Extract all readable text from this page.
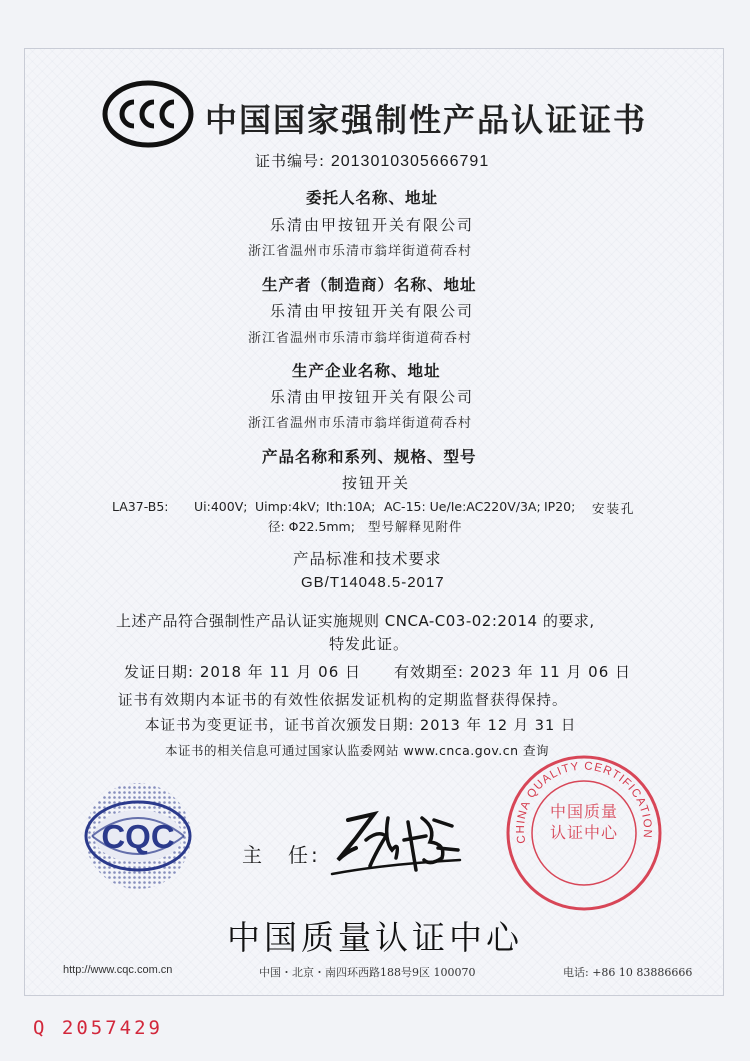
中国国家强制性产品认证证书
证书编号: 2013010305666791
委托人名称、地址
乐清由甲按钮开关有限公司
浙江省温州市乐清市翁垟街道荷呑村
生产者（制造商）名称、地址
乐清由甲按钮开关有限公司
浙江省温州市乐清市翁垟街道荷呑村
生产企业名称、地址
乐清由甲按钮开关有限公司
浙江省温州市乐清市翁垟街道荷呑村
产品名称和系列、规格、型号
按钮开关
LA37-B5: Ui:400V; Uimp:4kV; Ith:10A; AC-15: Ue/Ie:AC220V/3A; IP20; 安装孔
径: Φ22.5mm; 型号解释见附件
产品标准和技术要求
GB/T14048.5-2017
上述产品符合强制性产品认证实施规则 CNCA-C03-02:2014 的要求,
特发此证。
发证日期: 2018 年 11 月 06 日 有效期至: 2023 年 11 月 06 日
证书有效期内本证书的有效性依据发证机构的定期监督获得保持。
本证书为变更证书，证书首次颁发日期: 2013 年 12 月 31 日
本证书的相关信息可通过国家认监委网站 www.cnca.gov.cn 查询
CQC	主　任:
CHINA QUALITY CERTIFICATION
中国质量认证中心
中国质量认证中心
http://www.cqc.com.cn	中国・北京・南四环西路188号9区 100070	电话: +86 10 83886666
Q 2057429
